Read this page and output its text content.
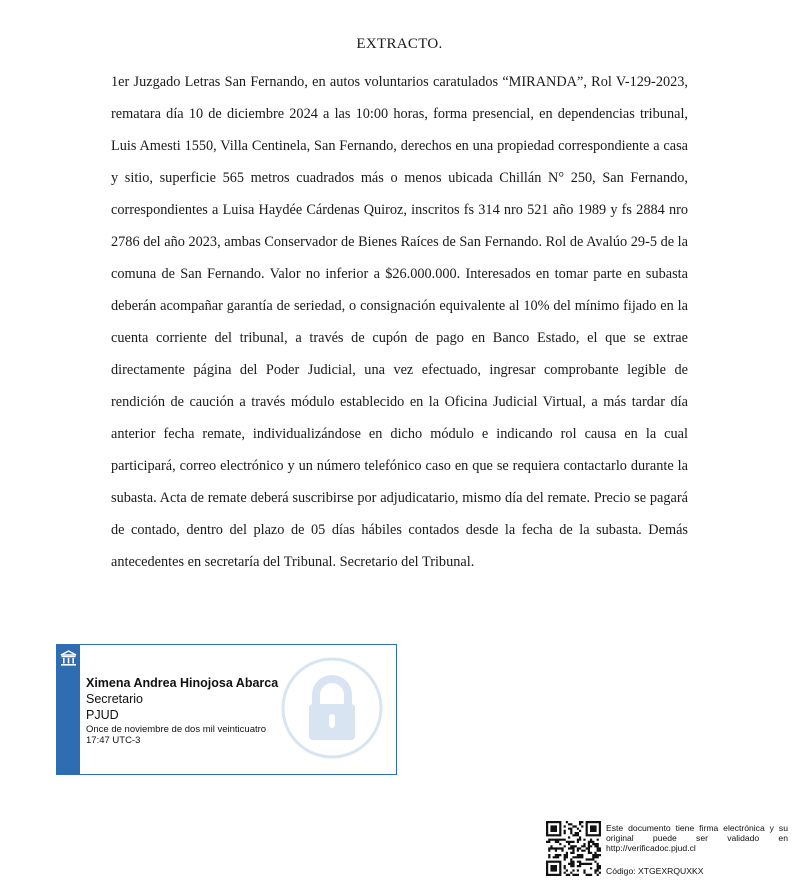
EXTRACTO.
1er Juzgado Letras San Fernando, en autos voluntarios caratulados “MIRANDA”, Rol V-129-2023, rematara día 10 de diciembre 2024 a las 10:00 horas, forma presencial, en dependencias tribunal, Luis Amesti 1550, Villa Centinela, San Fernando, derechos en una propiedad correspondiente a casa y sitio, superficie 565 metros cuadrados más o menos ubicada Chillán N° 250, San Fernando, correspondientes a Luisa Haydée Cárdenas Quiroz, inscritos fs 314 nro 521 año 1989 y fs 2884 nro 2786 del año 2023, ambas Conservador de Bienes Raíces de San Fernando. Rol de Avalúo 29-5 de la comuna de San Fernando. Valor no inferior a $26.000.000. Interesados en tomar parte en subasta deberán acompañar garantía de seriedad, o consignación equivalente al 10% del mínimo fijado en la cuenta corriente del tribunal, a través de cupón de pago en Banco Estado, el que se extrae directamente página del Poder Judicial, una vez efectuado, ingresar comprobante legible de rendición de caución a través módulo establecido en la Oficina Judicial Virtual, a más tardar día anterior fecha remate, individualizándose en dicho módulo e indicando rol causa en la cual participará, correo electrónico y un número telefónico caso en que se requiera contactarlo durante la subasta. Acta de remate deberá suscribirse por adjudicatario, mismo día del remate. Precio se pagará de contado, dentro del plazo de 05 días hábiles contados desde la fecha de la subasta. Demás antecedentes en secretaría del Tribunal. Secretario del Tribunal.
Ximena Andrea Hinojosa Abarca
Secretario
PJUD
Once de noviembre de dos mil veinticuatro
17:47 UTC-3
Este documento tiene firma electrónica y su original puede ser validado en http://verificadoc.pjud.cl
Código: XTGEXRQUXKX
